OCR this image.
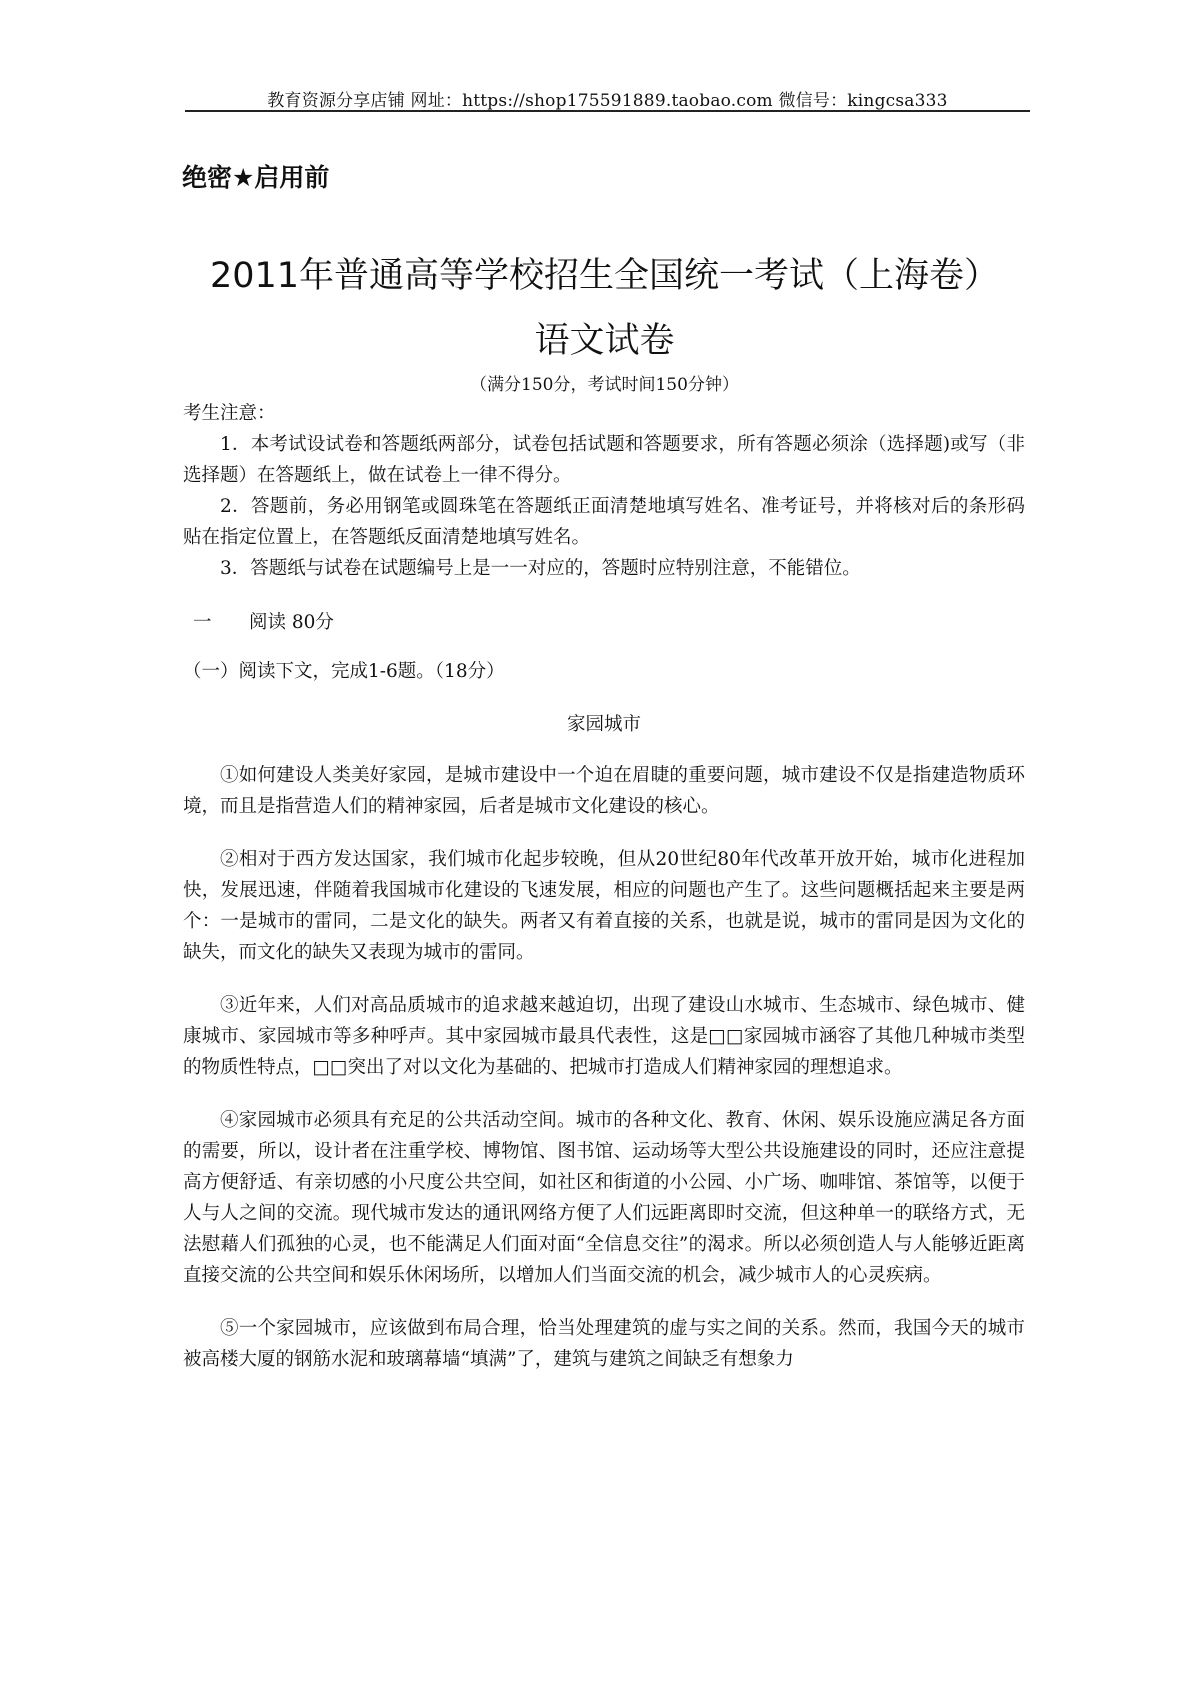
教育资源分享店铺 网址：https://shop175591889.taobao.com 微信号：kingcsa333
绝密★启用前
2011年普通高等学校招生全国统一考试（上海卷）
语文试卷
（满分150分，考试时间150分钟）

考生注意：

1．本考试设试卷和答题纸两部分，试卷包括试题和答题要求，所有答题必须涂（选择题)或写（非选择题）在答题纸上，做在试卷上一律不得分。

2．答题前，务必用钢笔或圆珠笔在答题纸正面清楚地填写姓名、准考证号，并将核对后的条形码贴在指定位置上，在答题纸反面清楚地填写姓名。

3．答题纸与试卷在试题编号上是一一对应的，答题时应特别注意，不能错位。

一 阅读 80分

（一）阅读下文，完成1-6题。（18分）

家园城市

①如何建设人类美好家园，是城市建设中一个迫在眉睫的重要问题，城市建设不仅是指建造物质环境，而且是指营造人们的精神家园，后者是城市文化建设的核心。

②相对于西方发达国家，我们城市化起步较晚，但从20世纪80年代改革开放开始，城市化进程加快，发展迅速，伴随着我国城市化建设的飞速发展，相应的问题也产生了。这些问题概括起来主要是两个：一是城市的雷同，二是文化的缺失。两者又有着直接的关系，也就是说，城市的雷同是因为文化的缺失，而文化的缺失又表现为城市的雷同。

③近年来，人们对高品质城市的追求越来越迫切，出现了建设山水城市、生态城市、绿色城市、健康城市、家园城市等多种呼声。其中家园城市最具代表性，这是□□家园城市涵容了其他几种城市类型的物质性特点，□□突出了对以文化为基础的、把城市打造成人们精神家园的理想追求。

④家园城市必须具有充足的公共活动空间。城市的各种文化、教育、休闲、娱乐设施应满足各方面的需要，所以，设计者在注重学校、博物馆、图书馆、运动场等大型公共设施建设的同时，还应注意提高方便舒适、有亲切感的小尺度公共空间，如社区和街道的小公园、小广场、咖啡馆、茶馆等，以便于人与人之间的交流。现代城市发达的通讯网络方便了人们远距离即时交流，但这种单一的联络方式，无法慰藉人们孤独的心灵，也不能满足人们面对面“全信息交往”的渴求。所以必须创造人与人能够近距离直接交流的公共空间和娱乐休闲场所，以增加人们当面交流的机会，减少城市人的心灵疾病。

⑤一个家园城市，应该做到布局合理，恰当处理建筑的虚与实之间的关系。然而，我国今天的城市被高楼大厦的钢筋水泥和玻璃幕墙“填满”了，建筑与建筑之间缺乏有想象力
